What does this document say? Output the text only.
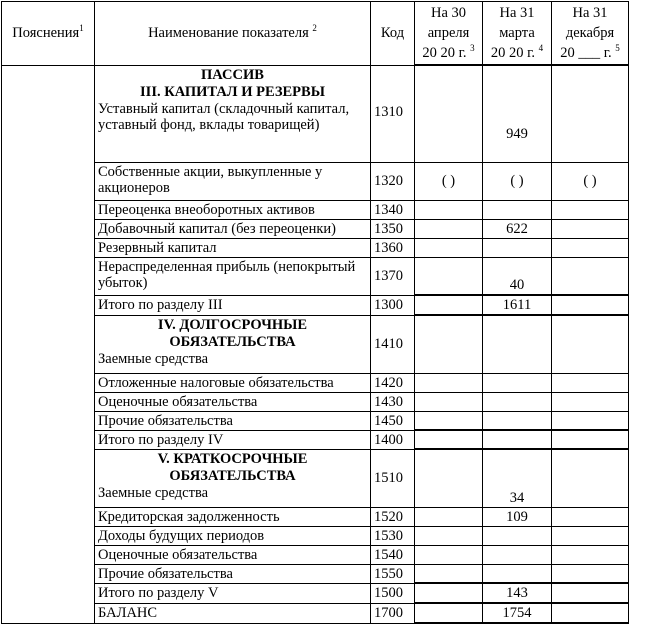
Пояснения$^1$	Наименование показателя $^2$	Код	На 30
апреля
20 20 г. $^3$	На 31
марта
20 20 г. $^4$	На 31
декабря
20 ___ г. $^5$

	ПАССИВ
III. КАПИТАЛ И РЕЗЕРВЫ
Уставный капитал (складочный капитал, уставный фонд, вклады товарищей)	1310		949	
	Собственные акции, выкупленные у акционеров	1320	( )	( )	( )
	Переоценка внеоборотных активов	1340			
	Добавочный капитал (без переоценки)	1350		622	
	Резервный капитал	1360			
	Нераспределенная прибыль (непокрытый убыток)	1370		40	
	Итого по разделу III	1300		1611	

	IV. ДОЛГОСРОЧНЫЕ
ОБЯЗАТЕЛЬСТВА
Заемные средства	1410			
	Отложенные налоговые обязательства	1420			
	Оценочные обязательства	1430			
	Прочие обязательства	1450			
	Итого по разделу IV	1400			

	V. КРАТКОСРОЧНЫЕ
ОБЯЗАТЕЛЬСТВА
Заемные средства	1510		34	
	Кредиторская задолженность	1520		109	
	Доходы будущих периодов	1530			
	Оценочные обязательства	1540			
	Прочие обязательства	1550			
	Итого по разделу V	1500		143	
	БАЛАНС	1700		1754	
